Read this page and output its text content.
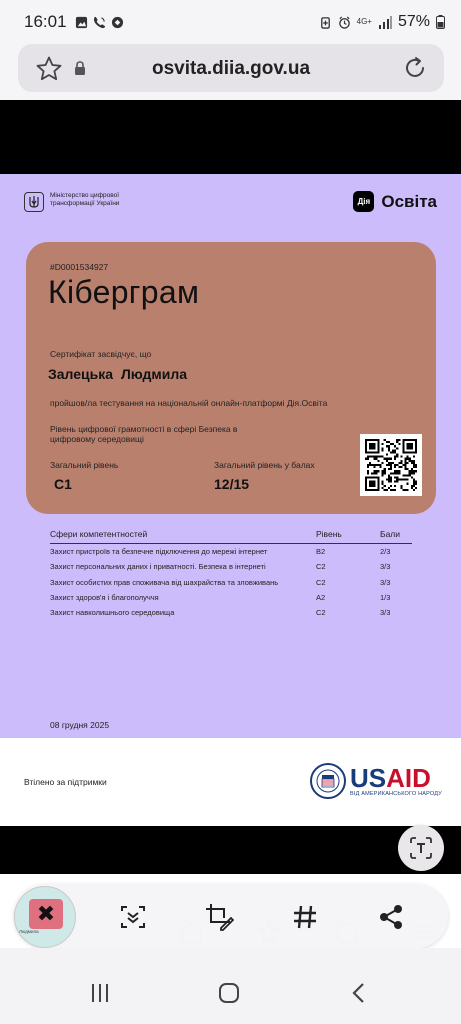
16:01	4G+ 57%
osvita.diia.gov.ua
Міністерство цифрової трансформації України	Дія Освіта
#D0001534927
Кіберграм
Сертифікат засвідчує, що
Залецька Людмила
пройшов/ла тестування на національній онлайн-платформі Дія.Освіта
Рівень цифрової грамотності в сфері Безпека в цифровому середовищі
Загальний рівень
C1
Загальний рівень у балах
12/15
Сфери компетентностей	Рівень	Бали
Захист пристроїв та безпечне підключення до мережі інтернет	B2	2/3
Захист персональних даних і приватності. Безпека в інтернеті	C2	3/3
Захист особистих прав споживача від шахрайства та зловживань	C2	3/3
Захист здоров'я і благополуччя	A2	1/3
Захист навколишнього середовища	C2	3/3
08 грудня 2025
Втілено за підтримки	USAID
ВІД АМЕРИКАНСЬКОГО НАРОДУ
✖
Людмила
